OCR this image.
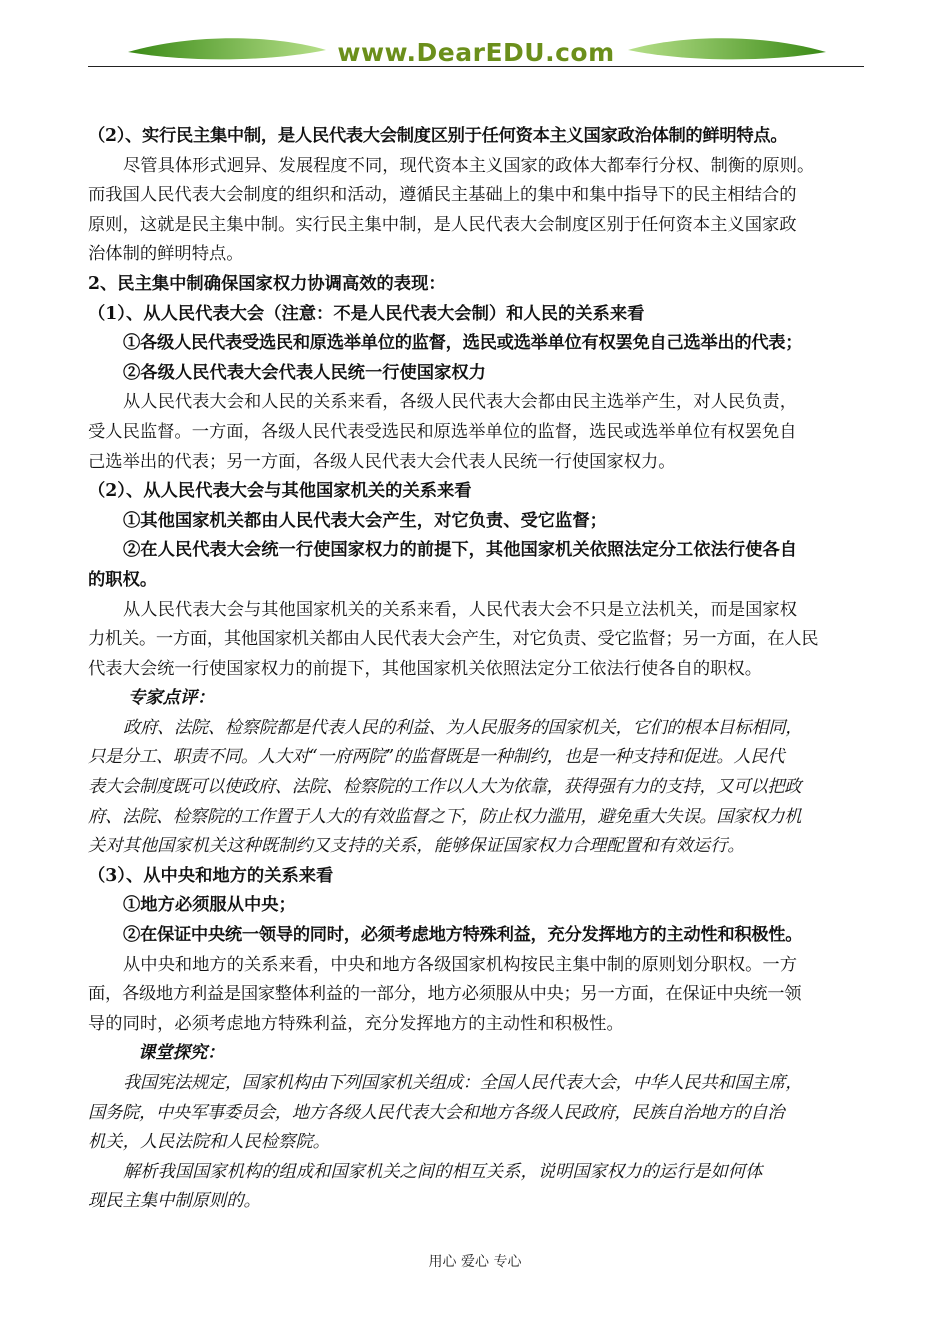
www.DearEDU.com
（2）、实行民主集中制，是人民代表大会制度区别于任何资本主义国家政治体制的鲜明特点。
尽管具体形式迥异、发展程度不同，现代资本主义国家的政体大都奉行分权、制衡的原则。
而我国人民代表大会制度的组织和活动，遵循民主基础上的集中和集中指导下的民主相结合的
原则，这就是民主集中制。实行民主集中制，是人民代表大会制度区别于任何资本主义国家政
治体制的鲜明特点。
2、民主集中制确保国家权力协调高效的表现：
（1）、从人民代表大会（注意：不是人民代表大会制）和人民的关系来看
①各级人民代表受选民和原选举单位的监督，选民或选举单位有权罢免自己选举出的代表；
②各级人民代表大会代表人民统一行使国家权力
从人民代表大会和人民的关系来看，各级人民代表大会都由民主选举产生，对人民负责，
受人民监督。一方面，各级人民代表受选民和原选举单位的监督，选民或选举单位有权罢免自
己选举出的代表；另一方面，各级人民代表大会代表人民统一行使国家权力。
（2）、从人民代表大会与其他国家机关的关系来看
①其他国家机关都由人民代表大会产生，对它负责、受它监督；
②在人民代表大会统一行使国家权力的前提下，其他国家机关依照法定分工依法行使各自
的职权。
从人民代表大会与其他国家机关的关系来看，人民代表大会不只是立法机关，而是国家权
力机关。一方面，其他国家机关都由人民代表大会产生，对它负责、受它监督；另一方面，在人民
代表大会统一行使国家权力的前提下，其他国家机关依照法定分工依法行使各自的职权。
专家点评：
政府、法院、检察院都是代表人民的利益、为人民服务的国家机关，它们的根本目标相同，
只是分工、职责不同。人大对“一府两院”的监督既是一种制约，也是一种支持和促进。人民代
表大会制度既可以使政府、法院、检察院的工作以人大为依靠，获得强有力的支持，又可以把政
府、法院、检察院的工作置于人大的有效监督之下，防止权力滥用，避免重大失误。国家权力机
关对其他国家机关这种既制约又支持的关系，能够保证国家权力合理配置和有效运行。
（3）、从中央和地方的关系来看
①地方必须服从中央；
②在保证中央统一领导的同时，必须考虑地方特殊利益，充分发挥地方的主动性和积极性。
从中央和地方的关系来看，中央和地方各级国家机构按民主集中制的原则划分职权。一方
面，各级地方利益是国家整体利益的一部分，地方必须服从中央；另一方面，在保证中央统一领
导的同时，必须考虑地方特殊利益，充分发挥地方的主动性和积极性。
课堂探究：
我国宪法规定，国家机构由下列国家机关组成：全国人民代表大会，中华人民共和国主席，
国务院，中央军事委员会，地方各级人民代表大会和地方各级人民政府，民族自治地方的自治
机关，人民法院和人民检察院。
解析我国国家机构的组成和国家机关之间的相互关系，说明国家权力的运行是如何体
现民主集中制原则的。
用心 爱心 专心
